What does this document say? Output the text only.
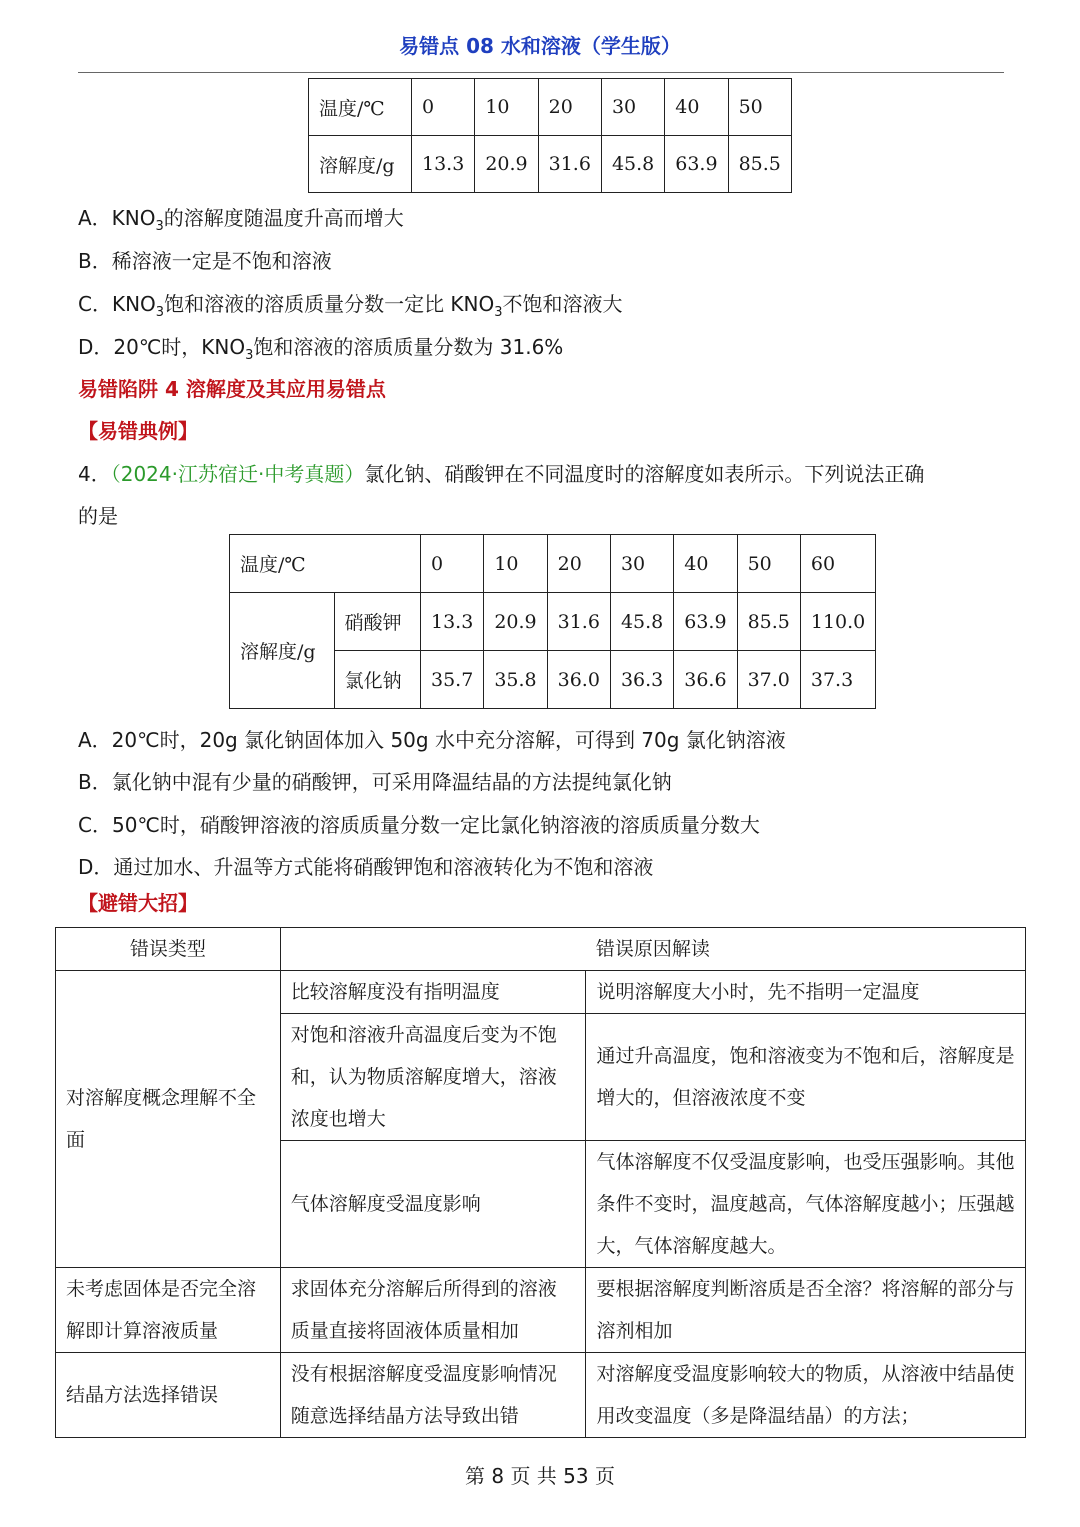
易错点 08 水和溶液（学生版）
温度/℃	0	10	20	30	40	50
溶解度/g	13.3	20.9	31.6	45.8	63.9	85.5
A．$KNO_3$的溶解度随温度升高而增大
B．稀溶液一定是不饱和溶液
C．$KNO_3$饱和溶液的溶质质量分数一定比 $KNO_3$不饱和溶液大
D．20℃时，$KNO_3$饱和溶液的溶质质量分数为 31.6%
易错陷阱 4 溶解度及其应用易错点
【易错典例】
4．（2024·江苏宿迁·中考真题）氯化钠、硝酸钾在不同温度时的溶解度如表所示。下列说法正确
的是
温度/℃		0	10	20	30	40	50	60
溶解度/g	硝酸钾	13.3	20.9	31.6	45.8	63.9	85.5	110.0
	氯化钠	35.7	35.8	36.0	36.3	36.6	37.0	37.3
A．20℃时，20g 氯化钠固体加入 50g 水中充分溶解，可得到 70g 氯化钠溶液
B．氯化钠中混有少量的硝酸钾，可采用降温结晶的方法提纯氯化钠
C．50℃时，硝酸钾溶液的溶质质量分数一定比氯化钠溶液的溶质质量分数大
D．通过加水、升温等方式能将硝酸钾饱和溶液转化为不饱和溶液
【避错大招】
错误类型	错误原因解读	
对溶解度概念理解不全面	比较溶解度没有指明温度	说明溶解度大小时，先不指明一定温度
	对饱和溶液升高温度后变为不饱和，认为物质溶解度增大，溶液浓度也增大	通过升高温度，饱和溶液变为不饱和后，溶解度是增大的，但溶液浓度不变
	气体溶解度受温度影响	气体溶解度不仅受温度影响，也受压强影响。其他条件不变时，温度越高，气体溶解度越小；压强越大，气体溶解度越大。
未考虑固体是否完全溶解即计算溶液质量	求固体充分溶解后所得到的溶液质量直接将固液体质量相加	要根据溶解度判断溶质是否全溶？将溶解的部分与溶剂相加
结晶方法选择错误	没有根据溶解度受温度影响情况随意选择结晶方法导致出错	对溶解度受温度影响较大的物质，从溶液中结晶使用改变温度（多是降温结晶）的方法；
第 8 页 共 53 页
